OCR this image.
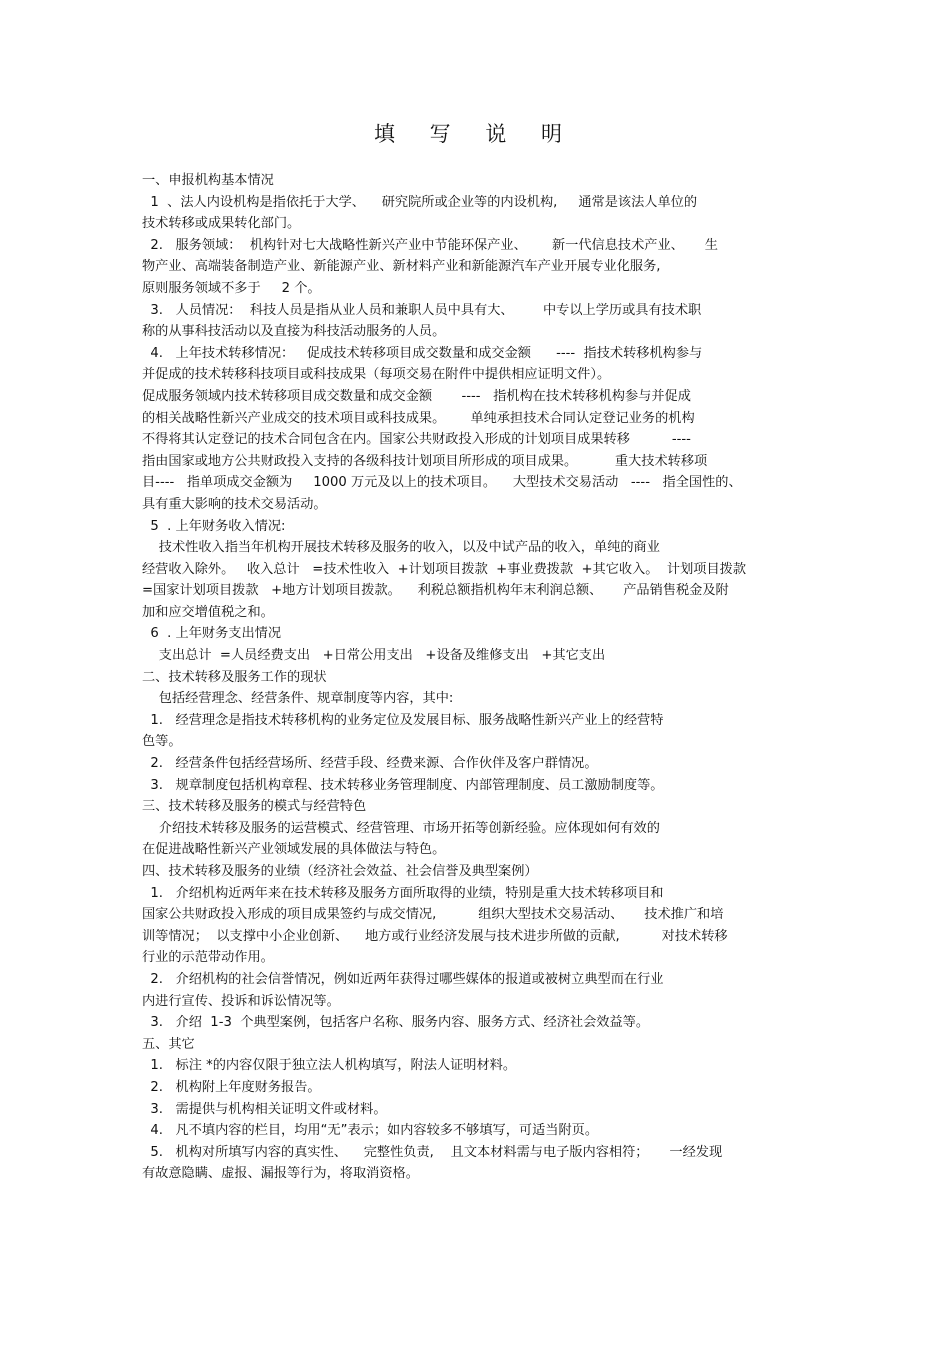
填 写 说 明
一、申报机构基本情况
1  、法人内设机构是指依托于大学、    研究院所或企业等的内设机构,     通常是该法人单位的
技术转移或成果转化部门。
2.   服务领域：  机构针对七大战略性新兴产业中节能环保产业、      新一代信息技术产业、     生
物产业、高端装备制造产业、新能源产业、新材料产业和新能源汽车产业开展专业化服务,
原则服务领域不多于     2 个。
3.   人员情况：  科技人员是指从业人员和兼职人员中具有大、       中专以上学历或具有技术职
称的从事科技活动以及直接为科技活动服务的人员。
4.   上年技术转移情况：   促成技术转移项目成交数量和成交金额      ----  指技术转移机构参与
并促成的技术转移科技项目或科技成果（每项交易在附件中提供相应证明文件）。
促成服务领域内技术转移项目成交数量和成交金额       ----   指机构在技术转移机构参与并促成
的相关战略性新兴产业成交的技术项目或科技成果。      单纯承担技术合同认定登记业务的机构
不得将其认定登记的技术合同包含在内。国家公共财政投入形成的计划项目成果转移          ----
指由国家或地方公共财政投入支持的各级科技计划项目所形成的项目成果。         重大技术转移项
目----   指单项成交金额为     1000 万元及以上的技术项目。    大型技术交易活动   ----   指全国性的、
具有重大影响的技术交易活动。
5  . 上年财务收入情况:
技术性收入指当年机构开展技术转移及服务的收入，以及中试产品的收入，单纯的商业
经营收入除外。   收入总计   =技术性收入  +计划项目拨款  +事业费拨款  +其它收入。  计划项目拨款
=国家计划项目拨款   +地方计划项目拨款。    利税总额指机构年末利润总额、     产品销售税金及附
加和应交增值税之和。
6  . 上年财务支出情况
支出总计  =人员经费支出   +日常公用支出   +设备及维修支出   +其它支出
二、技术转移及服务工作的现状
包括经营理念、经营条件、规章制度等内容，其中:
1.   经营理念是指技术转移机构的业务定位及发展目标、服务战略性新兴产业上的经营特
色等。
2.   经营条件包括经营场所、经营手段、经费来源、合作伙伴及客户群情况。
3.   规章制度包括机构章程、技术转移业务管理制度、内部管理制度、员工激励制度等。
三、技术转移及服务的模式与经营特色
介绍技术转移及服务的运营模式、经营管理、市场开拓等创新经验。应体现如何有效的
在促进战略性新兴产业领域发展的具体做法与特色。
四、技术转移及服务的业绩（经济社会效益、社会信誉及典型案例）
1.   介绍机构近两年来在技术转移及服务方面所取得的业绩，特别是重大技术转移项目和
国家公共财政投入形成的项目成果签约与成交情况,          组织大型技术交易活动、     技术推广和培
训等情况；  以支撑中小企业创新、    地方或行业经济发展与技术进步所做的贡献,          对技术转移
行业的示范带动作用。
2.   介绍机构的社会信誉情况，例如近两年获得过哪些媒体的报道或被树立典型而在行业
内进行宣传、投诉和诉讼情况等。
3.   介绍  1-3  个典型案例，包括客户名称、服务内容、服务方式、经济社会效益等。
五、其它
1.   标注 *的内容仅限于独立法人机构填写，附法人证明材料。
2.   机构附上年度财务报告。
3.   需提供与机构相关证明文件或材料。
4.   凡不填内容的栏目，均用“无”表示；如内容较多不够填写，可适当附页。
5.   机构对所填写内容的真实性、    完整性负责,    且文本材料需与电子版内容相符；     一经发现
有故意隐瞒、虚报、漏报等行为，将取消资格。
